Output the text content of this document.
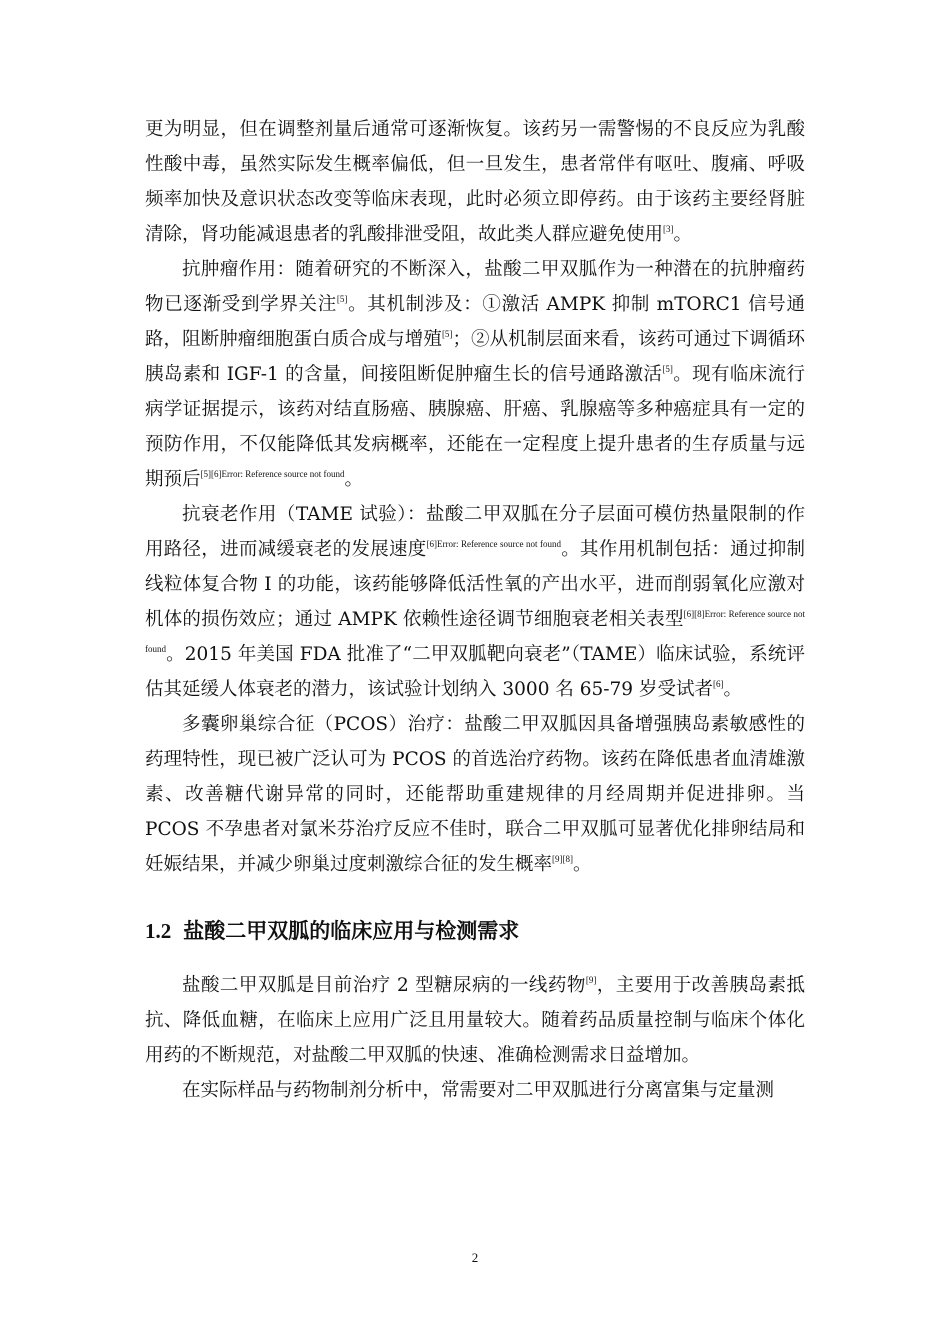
更为明显，但在调整剂量后通常可逐渐恢复。该药另一需警惕的不良反应为乳酸性酸中毒，虽然实际发生概率偏低，但一旦发生，患者常伴有呕吐、腹痛、呼吸频率加快及意识状态改变等临床表现，此时必须立即停药。由于该药主要经肾脏清除，肾功能减退患者的乳酸排泄受阻，故此类人群应避免使用[3]。

抗肿瘤作用：随着研究的不断深入，盐酸二甲双胍作为一种潜在的抗肿瘤药物已逐渐受到学界关注[5]。其机制涉及：①激活 AMPK 抑制 mTORC1 信号通路，阻断肿瘤细胞蛋白质合成与增殖[5]；②从机制层面来看，该药可通过下调循环胰岛素和 IGF-1 的含量，间接阻断促肿瘤生长的信号通路激活[5]。现有临床流行病学证据提示，该药对结直肠癌、胰腺癌、肝癌、乳腺癌等多种癌症具有一定的预防作用，不仅能降低其发病概率，还能在一定程度上提升患者的生存质量与远期预后$^{[5][6]Error: Reference source not found}$。

抗衰老作用（TAME 试验）：盐酸二甲双胍在分子层面可模仿热量限制的作用路径，进而减缓衰老的发展速度$^{[6]Error: Reference source not found}$。其作用机制包括：通过抑制线粒体复合物 I 的功能，该药能够降低活性氧的产出水平，进而削弱氧化应激对机体的损伤效应；通过 AMPK 依赖性途径调节细胞衰老相关表型$^{[6][8]Error: Reference source not found}$。2015 年美国 FDA 批准了“二甲双胍靶向衰老”（TAME）临床试验，系统评估其延缓人体衰老的潜力，该试验计划纳入 3000 名 65-79 岁受试者[6]。

多囊卵巢综合征（PCOS）治疗：盐酸二甲双胍因具备增强胰岛素敏感性的药理特性，现已被广泛认可为 PCOS 的首选治疗药物。该药在降低患者血清雄激素、改善糖代谢异常的同时，还能帮助重建规律的月经周期并促进排卵。当 PCOS 不孕患者对氯米芬治疗反应不佳时，联合二甲双胍可显著优化排卵结局和妊娠结果，并减少卵巢过度刺激综合征的发生概率[9][8]。

1.2 盐酸二甲双胍的临床应用与检测需求

盐酸二甲双胍是目前治疗 2 型糖尿病的一线药物[9]，主要用于改善胰岛素抵抗、降低血糖，在临床上应用广泛且用量较大。随着药品质量控制与临床个体化用药的不断规范，对盐酸二甲双胍的快速、准确检测需求日益增加。

在实际样品与药物制剂分析中，常需要对二甲双胍进行分离富集与定量测

2
